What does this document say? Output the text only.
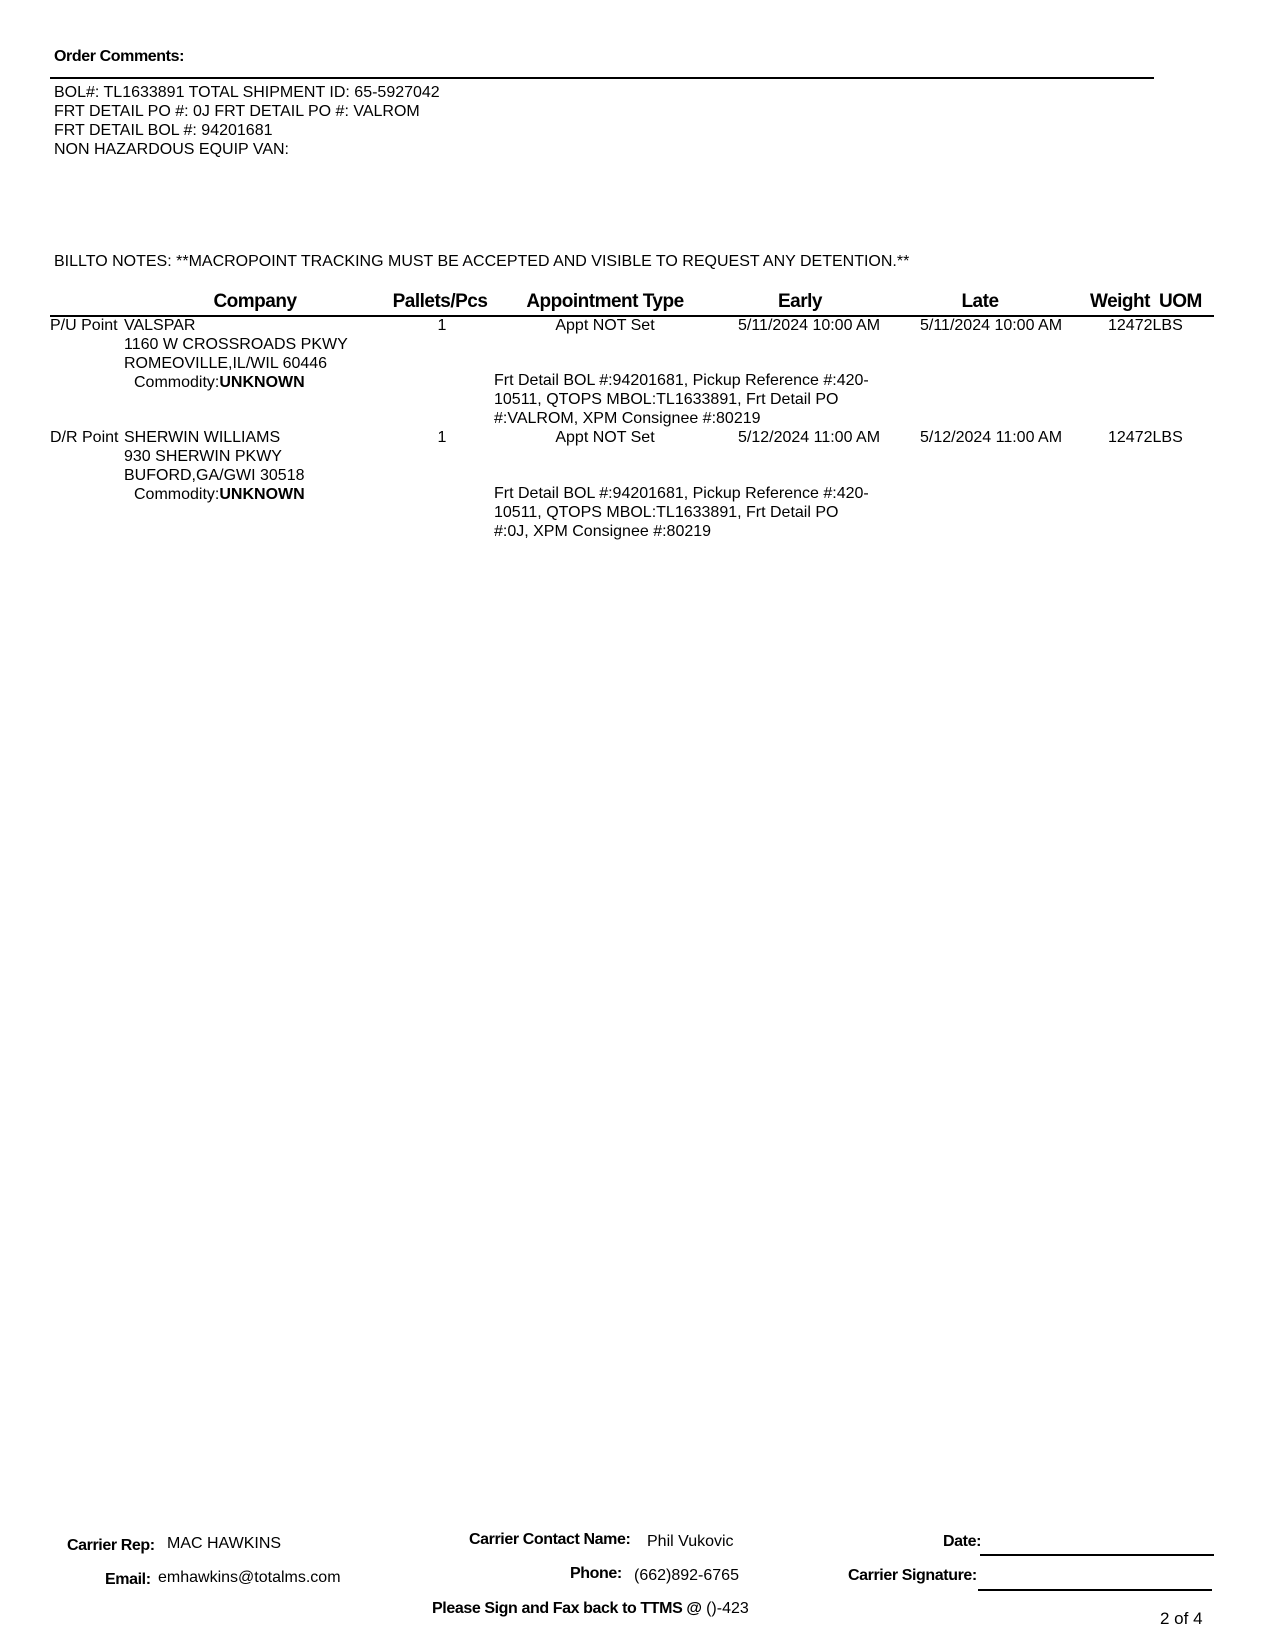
Order Comments:
BOL#: TL1633891 TOTAL SHIPMENT ID: 65-5927042
FRT DETAIL PO #: 0J FRT DETAIL PO #: VALROM
FRT DETAIL BOL #: 94201681
NON HAZARDOUS EQUIP VAN:
BILLTO NOTES: **MACROPOINT TRACKING MUST BE ACCEPTED AND VISIBLE TO REQUEST ANY DETENTION.**
Company	Pallets/Pcs	Appointment Type	Early	Late	Weight UOM
P/U Point VALSPAR
1160 W CROSSROADS PKWY
ROMEOVILLE,IL/WIL 60446
Commodity:UNKNOWN
1	Appt NOT Set	5/11/2024 10:00 AM 5/11/2024 10:00 AM	12472LBS
Frt Detail BOL #:94201681, Pickup Reference #:420-
10511, QTOPS MBOL:TL1633891, Frt Detail PO
#:VALROM, XPM Consignee #:80219
D/R Point SHERWIN WILLIAMS
930 SHERWIN PKWY
BUFORD,GA/GWI 30518
Commodity:UNKNOWN
1	Appt NOT Set	5/12/2024 11:00 AM 5/12/2024 11:00 AM	12472LBS
Frt Detail BOL #:94201681, Pickup Reference #:420-
10511, QTOPS MBOL:TL1633891, Frt Detail PO
#:0J, XPM Consignee #:80219
Carrier Rep: MAC HAWKINS
Email: emhawkins@totalms.com
Carrier Contact Name: Phil Vukovic
Phone: (662)892-6765
Please Sign and Fax back to TTMS @ ()-423
Date:
Carrier Signature:
2 of 4
